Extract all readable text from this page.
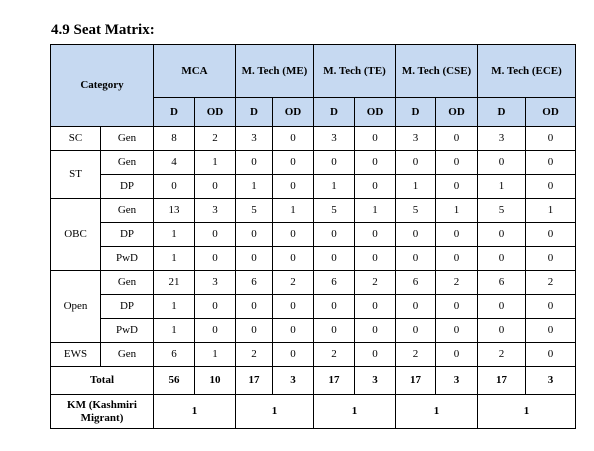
4.9 Seat Matrix:
Category		MCA		M. Tech (ME)		M. Tech (TE)		M. Tech (CSE)		M. Tech (ECE)	
		D	OD	D	OD	D	OD	D	OD	D	OD
SC	Gen	8	2	3	0	3	0	3	0	3	0
ST	Gen	4	1	0	0	0	0	0	0	0	0
	DP	0	0	1	0	1	0	1	0	1	0
OBC	Gen	13	3	5	1	5	1	5	1	5	1
	DP	1	0	0	0	0	0	0	0	0	0
	PwD	1	0	0	0	0	0	0	0	0	0
Open	Gen	21	3	6	2	6	2	6	2	6	2
	DP	1	0	0	0	0	0	0	0	0	0
	PwD	1	0	0	0	0	0	0	0	0	0
EWS	Gen	6	1	2	0	2	0	2	0	2	0
Total		56	10	17	3	17	3	17	3	17	3
KM (Kashmiri Migrant)		1		1		1		1		1	
